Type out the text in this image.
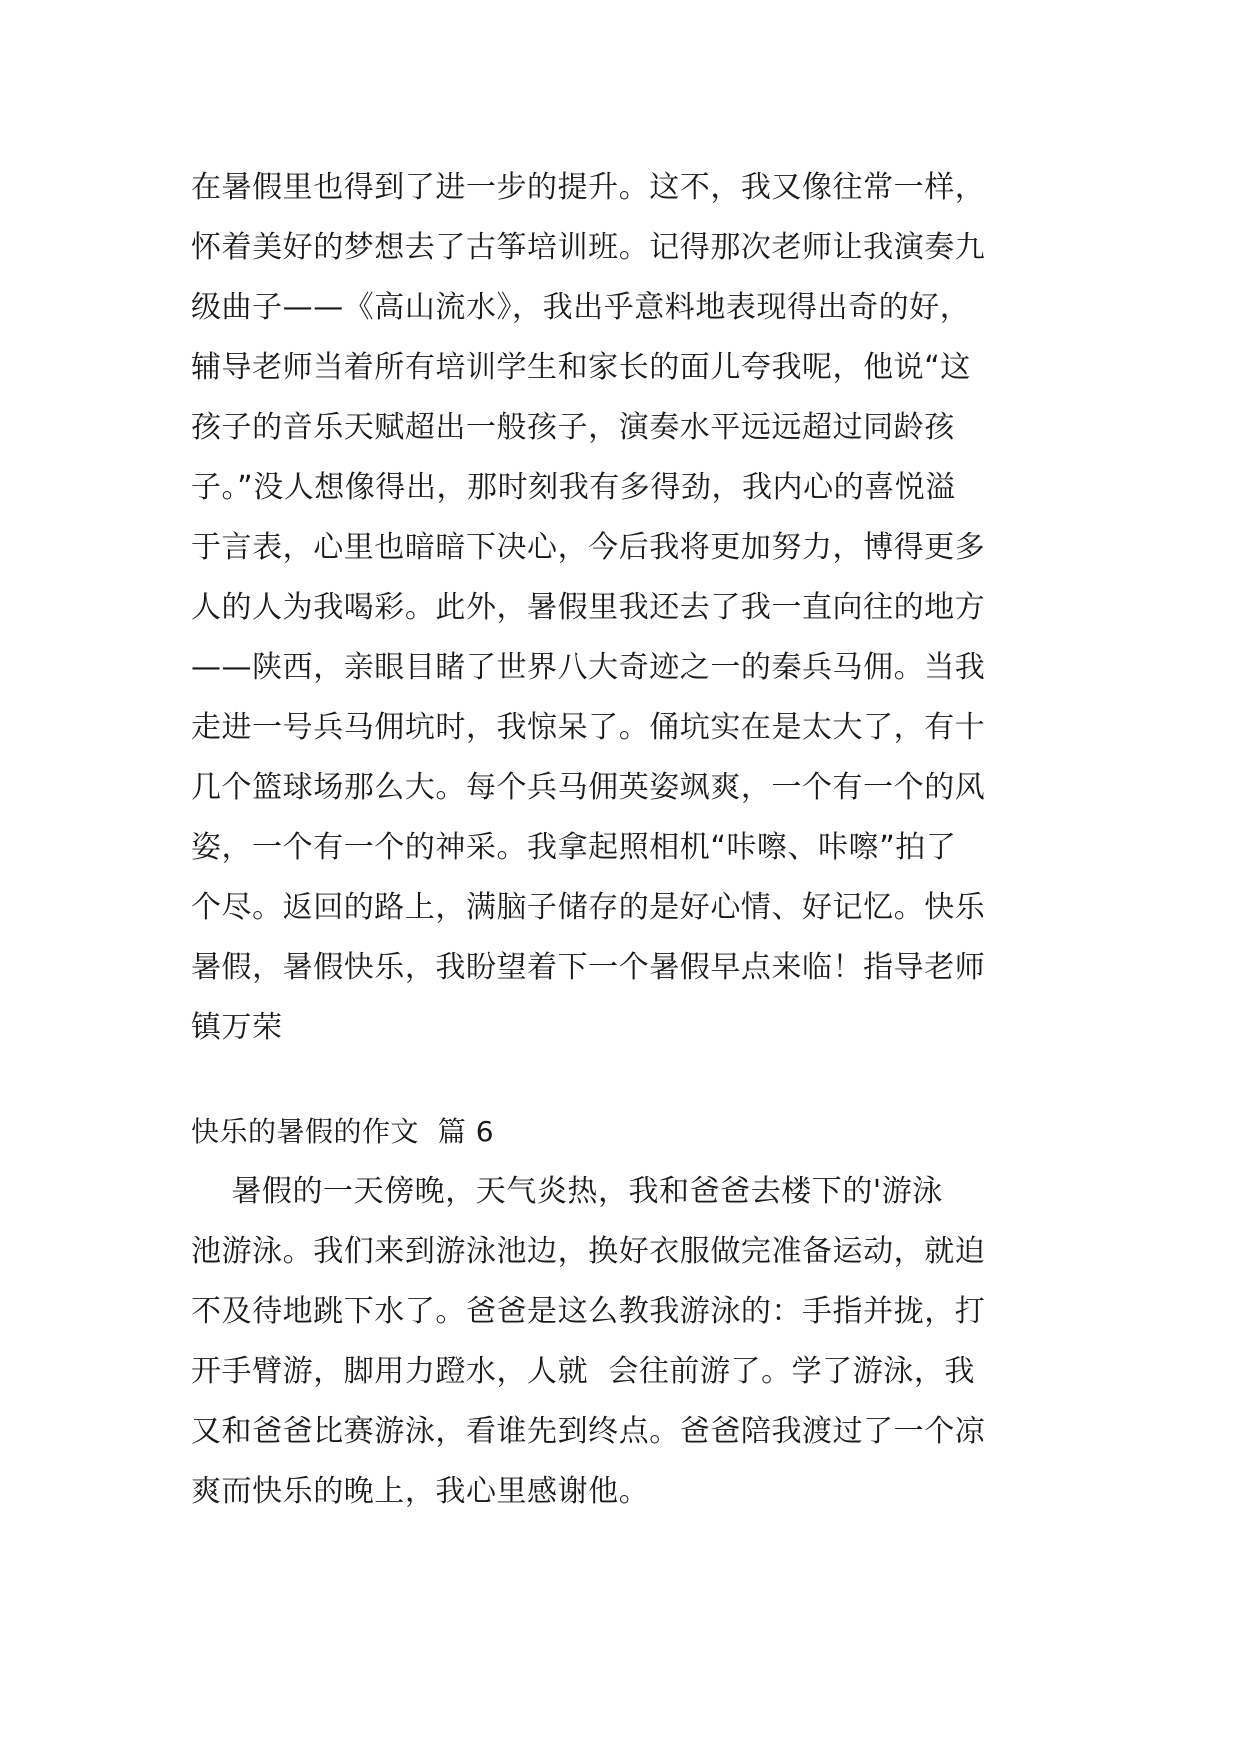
在暑假里也得到了进一步的提升。这不，我又像往常一样，

怀着美好的梦想去了古筝培训班。记得那次老师让我演奏九

级曲子——《高山流水》，我出乎意料地表现得出奇的好，

辅导老师当着所有培训学生和家长的面儿夸我呢，他说“这

孩子的音乐天赋超出一般孩子，演奏水平远远超过同龄孩

子。”没人想像得出，那时刻我有多得劲，我内心的喜悦溢

于言表，心里也暗暗下决心，今后我将更加努力，博得更多

人的人为我喝彩。此外，暑假里我还去了我一直向往的地方

——陕西，亲眼目睹了世界八大奇迹之一的秦兵马佣。当我

走进一号兵马佣坑时，我惊呆了。俑坑实在是太大了，有十

几个篮球场那么大。每个兵马佣英姿飒爽，一个有一个的风

姿，一个有一个的神采。我拿起照相机“咔嚓、咔嚓”拍了

个尽。返回的路上，满脑子储存的是好心情、好记忆。快乐

暑假，暑假快乐，我盼望着下一个暑假早点来临！指导老师

镇万荣

快乐的暑假的作文  篇 6

暑假的一天傍晚，天气炎热，我和爸爸去楼下的'游泳

池游泳。我们来到游泳池边，换好衣服做完准备运动，就迫

不及待地跳下水了。爸爸是这么教我游泳的：手指并拢，打

开手臂游，脚用力蹬水，人就  会往前游了。学了游泳，我

又和爸爸比赛游泳，看谁先到终点。爸爸陪我渡过了一个凉

爽而快乐的晚上，我心里感谢他。
